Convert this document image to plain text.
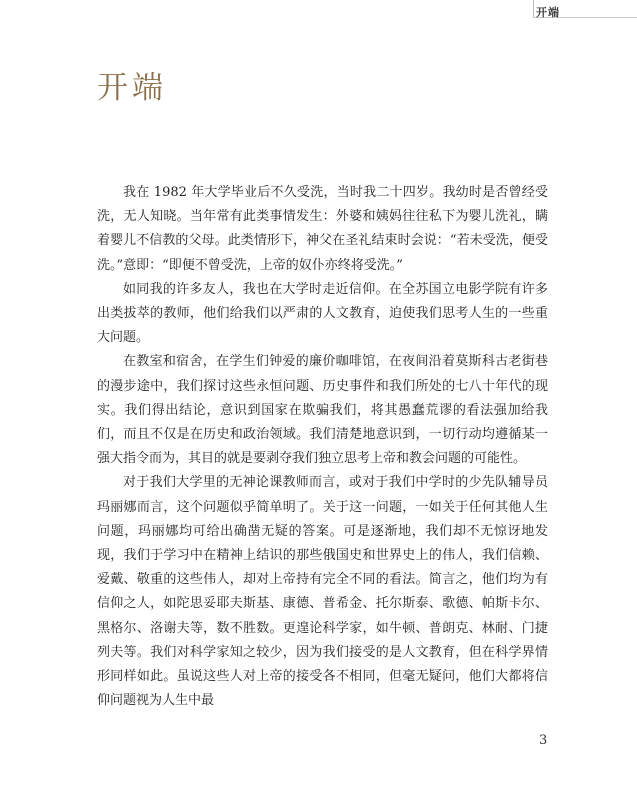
开端
开端

我在 1982 年大学毕业后不久受洗，当时我二十四岁。我幼时是否曾经受洗，无人知晓。当年常有此类事情发生：外婆和姨妈往往私下为婴儿洗礼，瞒着婴儿不信教的父母。此类情形下，神父在圣礼结束时会说：“若未受洗，便受洗。”意即：“即便不曾受洗，上帝的奴仆亦终将受洗。”

如同我的许多友人，我也在大学时走近信仰。在全苏国立电影学院有许多出类拔萃的教师，他们给我们以严肃的人文教育，迫使我们思考人生的一些重大问题。

在教室和宿舍，在学生们钟爱的廉价咖啡馆，在夜间沿着莫斯科古老街巷的漫步途中，我们探讨这些永恒问题、历史事件和我们所处的七八十年代的现实。我们得出结论，意识到国家在欺骗我们，将其愚蠢荒谬的看法强加给我们，而且不仅是在历史和政治领域。我们清楚地意识到，一切行动均遵循某一强大指令而为，其目的就是要剥夺我们独立思考上帝和教会问题的可能性。

对于我们大学里的无神论课教师而言，或对于我们中学时的少先队辅导员玛丽娜而言，这个问题似乎简单明了。关于这一问题，一如关于任何其他人生问题，玛丽娜均可给出确凿无疑的答案。可是逐渐地，我们却不无惊讶地发现，我们于学习中在精神上结识的那些俄国史和世界史上的伟人，我们信赖、爱戴、敬重的这些伟人，却对上帝持有完全不同的看法。简言之，他们均为有信仰之人，如陀思妥耶夫斯基、康德、普希金、托尔斯泰、歌德、帕斯卡尔、黑格尔、洛谢夫等，数不胜数。更遑论科学家，如牛顿、普朗克、林耐、门捷列夫等。我们对科学家知之较少，因为我们接受的是人文教育，但在科学界情形同样如此。虽说这些人对上帝的接受各不相同，但毫无疑问，他们大都将信仰问题视为人生中最

3
